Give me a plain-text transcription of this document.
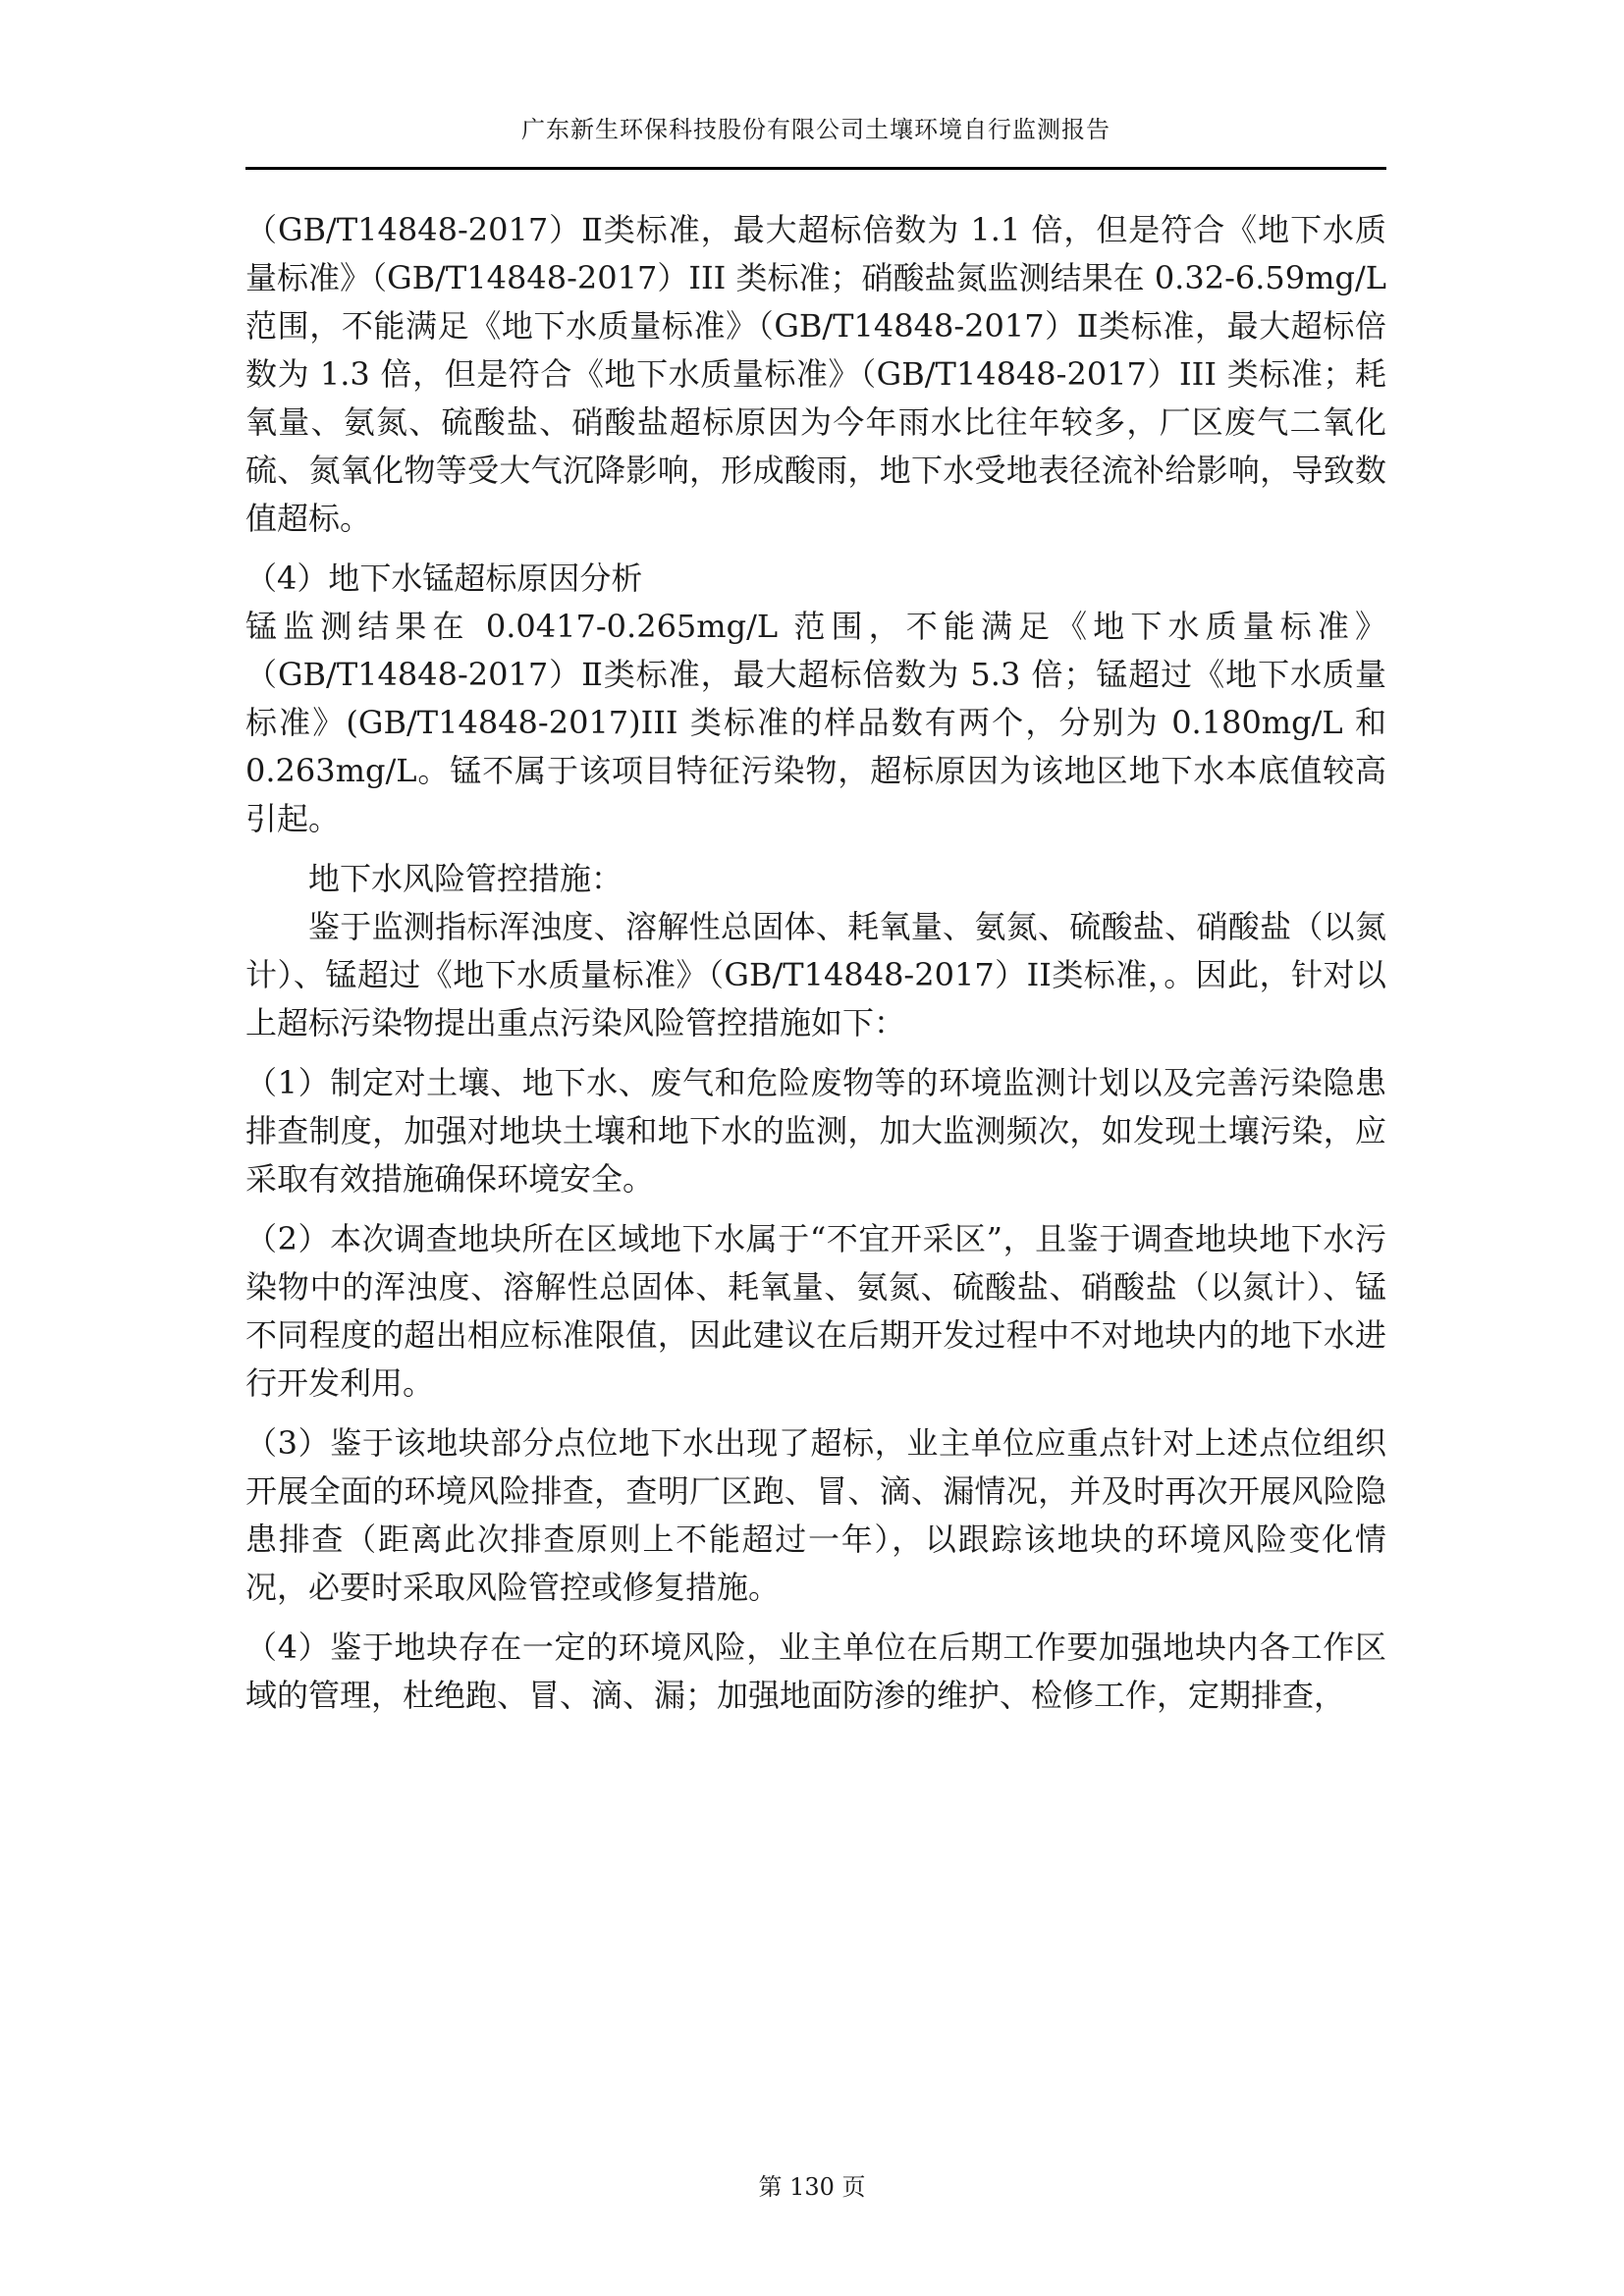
广东新生环保科技股份有限公司土壤环境自行监测报告

（GB/T14848-2017）Ⅱ类标准，最大超标倍数为 1.1 倍，但是符合《地下水质量标准》（GB/T14848-2017）III 类标准；硝酸盐氮监测结果在 0.32-6.59mg/L 范围，不能满足《地下水质量标准》（GB/T14848-2017）Ⅱ类标准，最大超标倍数为 1.3 倍，但是符合《地下水质量标准》（GB/T14848-2017）III 类标准；耗氧量、氨氮、硫酸盐、硝酸盐超标原因为今年雨水比往年较多，厂区废气二氧化硫、氮氧化物等受大气沉降影响，形成酸雨，地下水受地表径流补给影响，导致数值超标。

（4）地下水锰超标原因分析

锰监测结果在 0.0417-0.265mg/L 范围，不能满足《地下水质量标准》（GB/T14848-2017）Ⅱ类标准，最大超标倍数为 5.3 倍；锰超过《地下水质量标准》(GB/T14848-2017)III 类标准的样品数有两个，分别为 0.180mg/L 和 0.263mg/L。锰不属于该项目特征污染物，超标原因为该地区地下水本底值较高引起。

地下水风险管控措施：

鉴于监测指标浑浊度、溶解性总固体、耗氧量、氨氮、硫酸盐、硝酸盐（以氮计）、锰超过《地下水质量标准》（GB/T14848-2017）II类标准，。因此，针对以上超标污染物提出重点污染风险管控措施如下：

（1）制定对土壤、地下水、废气和危险废物等的环境监测计划以及完善污染隐患排查制度，加强对地块土壤和地下水的监测，加大监测频次，如发现土壤污染，应采取有效措施确保环境安全。

（2）本次调查地块所在区域地下水属于“不宜开采区”，且鉴于调查地块地下水污染物中的浑浊度、溶解性总固体、耗氧量、氨氮、硫酸盐、硝酸盐（以氮计）、锰不同程度的超出相应标准限值，因此建议在后期开发过程中不对地块内的地下水进行开发利用。

（3）鉴于该地块部分点位地下水出现了超标，业主单位应重点针对上述点位组织开展全面的环境风险排查，查明厂区跑、冒、滴、漏情况，并及时再次开展风险隐患排查（距离此次排查原则上不能超过一年），以跟踪该地块的环境风险变化情况，必要时采取风险管控或修复措施。

（4）鉴于地块存在一定的环境风险，业主单位在后期工作要加强地块内各工作区域的管理，杜绝跑、冒、滴、漏；加强地面防渗的维护、检修工作，定期排查，

第 130 页
